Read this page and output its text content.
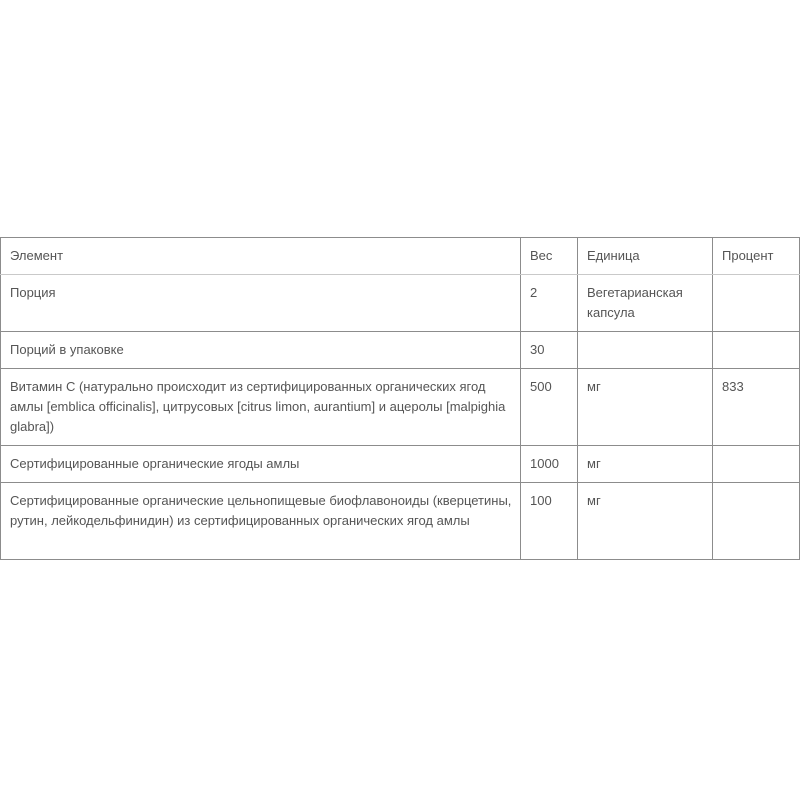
Элемент	Вес	Единица	Процент
Порция	2	Вегетарианская капсула	
Порций в упаковке	30		
Витамин С (натурально происходит из сертифицированных органических ягод амлы [emblica officinalis], цитрусовых [citrus limon, aurantium] и ацеролы [malpighia glabra])	500	мг	833
Сертифицированные органические ягоды амлы	1000	мг	
Сертифицированные органические цельнопищевые биофлавоноиды (кверцетины, рутин, лейкодельфинидин) из сертифицированных органических ягод амлы	100	мг	
